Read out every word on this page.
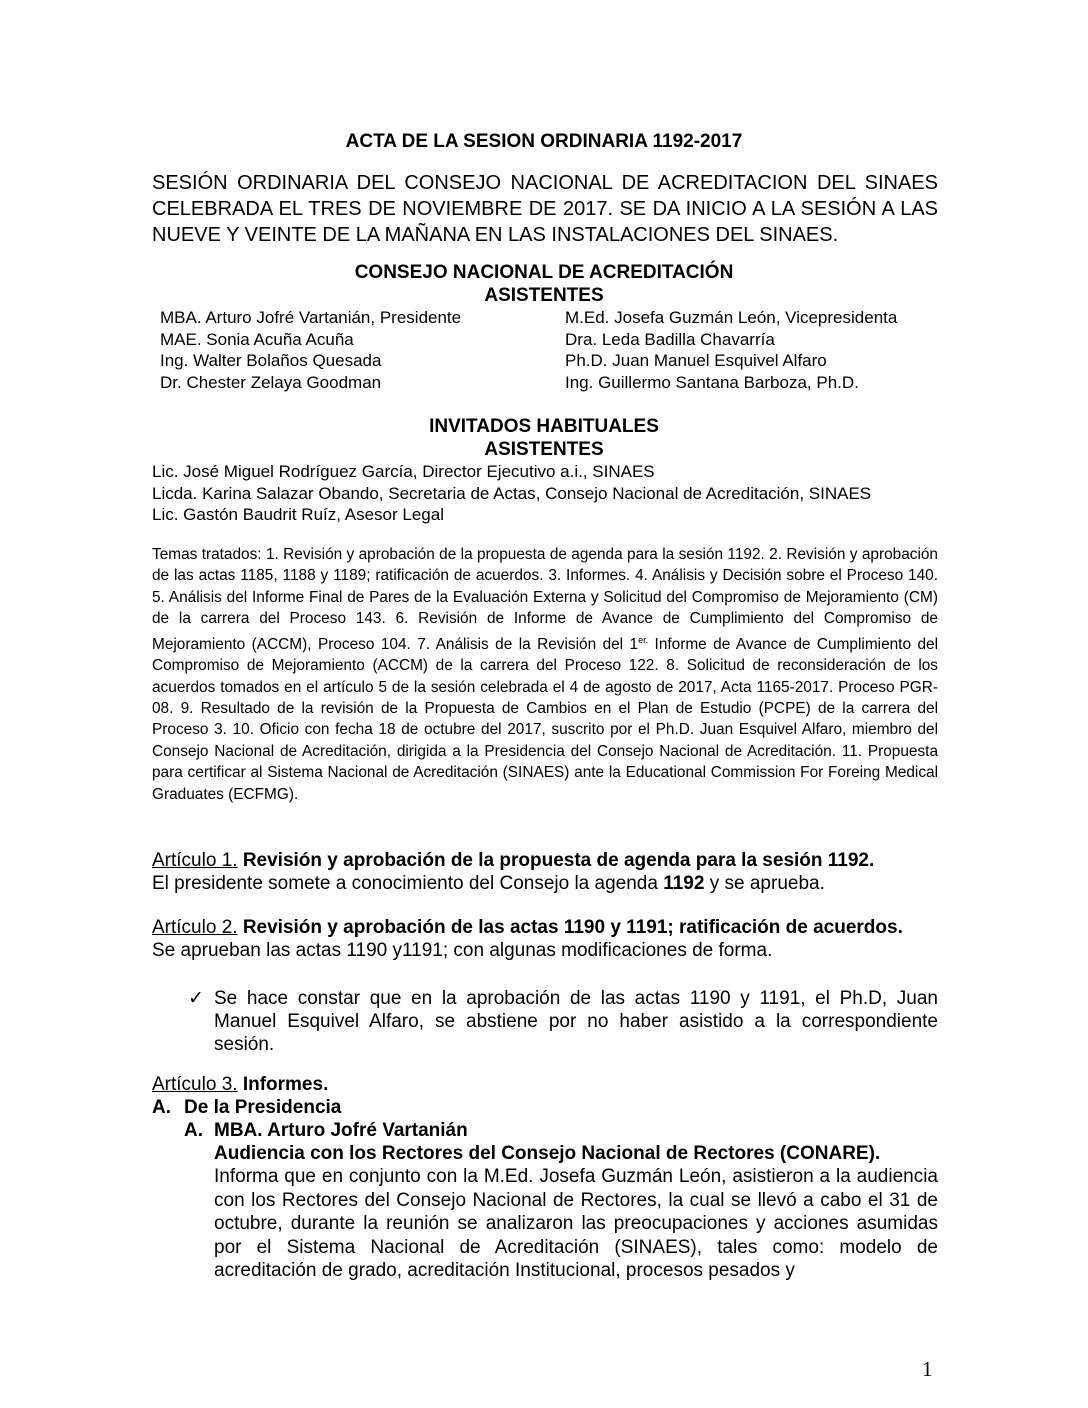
ACTA DE LA SESION ORDINARIA 1192-2017
SESIÓN ORDINARIA DEL CONSEJO NACIONAL DE ACREDITACION DEL SINAES CELEBRADA EL TRES DE NOVIEMBRE DE 2017. SE DA INICIO A LA SESIÓN A LAS NUEVE Y VEINTE DE LA MAÑANA EN LAS INSTALACIONES DEL SINAES.
CONSEJO NACIONAL DE ACREDITACIÓN
ASISTENTES
MBA. Arturo Jofré Vartanián, Presidente
MAE. Sonia Acuña Acuña
Ing. Walter Bolaños Quesada
Dr. Chester Zelaya Goodman
M.Ed. Josefa Guzmán León, Vicepresidenta
Dra. Leda Badilla Chavarría
Ph.D. Juan Manuel Esquivel Alfaro
Ing. Guillermo Santana Barboza, Ph.D.
INVITADOS HABITUALES
ASISTENTES
Lic. José Miguel Rodríguez García, Director Ejecutivo a.i., SINAES
Licda. Karina Salazar Obando, Secretaria de Actas, Consejo Nacional de Acreditación, SINAES
Lic. Gastón Baudrit Ruíz, Asesor Legal
Temas tratados: 1. Revisión y aprobación de la propuesta de agenda para la sesión 1192. 2. Revisión y aprobación de las actas 1185, 1188 y 1189; ratificación de acuerdos. 3. Informes. 4. Análisis y Decisión sobre el Proceso 140. 5. Análisis del Informe Final de Pares de la Evaluación Externa y Solicitud del Compromiso de Mejoramiento (CM) de la carrera del Proceso 143. 6. Revisión de Informe de Avance de Cumplimiento del Compromiso de Mejoramiento (ACCM), Proceso 104. 7. Análisis de la Revisión del $1^{er.}$ Informe de Avance de Cumplimiento del Compromiso de Mejoramiento (ACCM) de la carrera del Proceso 122. 8. Solicitud de reconsideración de los acuerdos tomados en el artículo 5 de la sesión celebrada el 4 de agosto de 2017, Acta 1165-2017. Proceso PGR-08. 9. Resultado de la revisión de la Propuesta de Cambios en el Plan de Estudio (PCPE) de la carrera del Proceso 3. 10. Oficio con fecha 18 de octubre del 2017, suscrito por el Ph.D. Juan Esquivel Alfaro, miembro del Consejo Nacional de Acreditación, dirigida a la Presidencia del Consejo Nacional de Acreditación. 11. Propuesta para certificar al Sistema Nacional de Acreditación (SINAES) ante la Educational Commission For Foreing Medical Graduates (ECFMG).
Artículo 1. Revisión y aprobación de la propuesta de agenda para la sesión 1192.
El presidente somete a conocimiento del Consejo la agenda 1192 y se aprueba.
Artículo 2. Revisión y aprobación de las actas 1190 y 1191; ratificación de acuerdos.
Se aprueban las actas 1190 y1191; con algunas modificaciones de forma.
✓ Se hace constar que en la aprobación de las actas 1190 y 1191, el Ph.D, Juan Manuel Esquivel Alfaro, se abstiene por no haber asistido a la correspondiente sesión.
Artículo 3. Informes.
A. De la Presidencia
A. MBA. Arturo Jofré Vartanián
Audiencia con los Rectores del Consejo Nacional de Rectores (CONARE).
Informa que en conjunto con la M.Ed. Josefa Guzmán León, asistieron a la audiencia con los Rectores del Consejo Nacional de Rectores, la cual se llevó a cabo el 31 de octubre, durante la reunión se analizaron las preocupaciones y acciones asumidas por el Sistema Nacional de Acreditación (SINAES), tales como: modelo de acreditación de grado, acreditación Institucional, procesos pesados y
1
